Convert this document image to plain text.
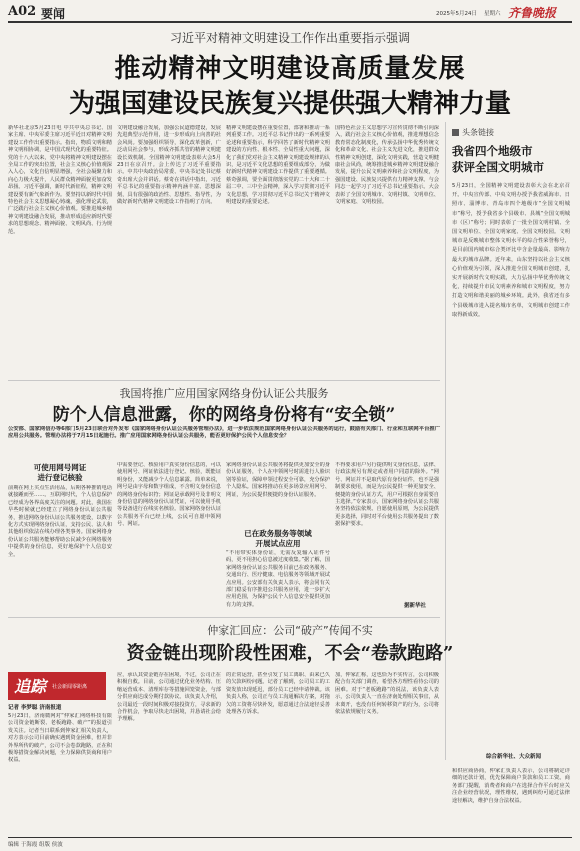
A02 要闻	2025年5月24日 星期六 齐鲁晚报
习近平对精神文明建设工作作出重要指示强调
推动精神文明建设高质量发展
为强国建设民族复兴提供强大精神力量
新华社北京5月23日电 中共中央总书记、国家主席、中央军委主席习近平近日对精神文明建设工作作出重要指示。指出，物质文明和精神文明相协调，是中国式现代化的重要特征。党的十八大以来，党中央将精神文明建设摆在全局工作的突出位置，社会主义核心价值观深入人心，文化自信明显增强，全社会凝聚力和向心力极大提升，人民群众精神面貌更加奋发昂扬。习近平强调，新时代新征程，精神文明建设要有新气象新作为。要坚持以新时代中国特色社会主义思想凝心铸魂，强化理论武装，广泛践行社会主义核心价值观。要推进城乡精神文明建设融合发展，推动形成适应新时代要求的思想观念、精神面貌、文明风尚、行为规范。
文明建设融合发展，加强公民道德建设，发展先进典型示范作用，进一步形成向上向善的社会风尚。要加强组织领导，深化改革创新，广泛动员社会参与，形成齐抓共管的精神文明建设长效机制。全国精神文明建设表彰大会5月23日在京召开。会上传达了习近平重要指示。中共中央政治局常委、中央书记处书记蔡奇出席大会并讲话。蔡奇在讲话中指出，习近平总书记的重要指示精神内涵丰富、思想深刻，具有很强的政治性、思想性、指导性，为做好新时代精神文明建设工作指明了方向。
精神文明建设摆在重要位置，部署和推动一系列重要工作。习近平总书记作出的一系列重要论述和重要指示，科学回答了新时代精神文明建设的方向性、根本性、全局性重大问题，深化了我们党对社会主义精神文明建设规律的认识，是习近平文化思想的重要组成部分，为做好新时代精神文明建设工作提供了重要遵循。蔡奇强调，要全面贯彻落实党的二十大和二十届二中、三中全会精神，深入学习贯彻习近平文化思想，学习贯彻习近平总书记关于精神文明建设的重要论述。
国特色社会主义思想学习宣传贯彻不断引向深入，践行社会主义核心价值观，推进理想信念教育常态化制度化，传承弘扬中华优秀传统文化和革命文化、社会主义先进文化，推进群众性精神文明创建，深化文明实践，营造文明健康社会风尚，统筹推进城乡精神文明建设融合发展，提升公民文明素养和社会文明程度，为强国建设、民族复兴提供有力精神支撑。与会同志一起学习了习近平总书记重要指示。大会表彰了全国文明城市、文明村镇、文明单位、文明家庭、文明校园。
头条链接
我省四个地级市
获评全国文明城市
5月23日，全国精神文明建设表彰大会在北京召开。中央宣传部、中央文明办授予我省威海市、日照市、淄博市、青岛市四个地级市“全国文明城市”称号，授予我省多个县级市、县城“全国文明城市（区）”称号；同时表彰了一批全国文明村镇、全国文明单位、全国文明家庭、全国文明校园。文明城市是反映城市整体文明水平的综合性荣誉称号，是目前国内城市综合类评比中含金量最高、影响力最大的城市品牌。近年来，山东坚持以社会主义核心价值观为引领，深入推进全国文明城市创建，扎实开展新时代文明实践，大力弘扬中华优秀传统文化，持续提升市民文明素养和城市文明程度，努力打造文明和谐美丽的城乡环境。此外，我省还有多个县级城市进入提名城市名单，文明城市创建工作取得新成效。
综合新华社、大众新闻
我国将推广应用国家网络身份认证公共服务
防个人信息泄露，你的网络身份将有“安全锁”
公安部、国家网信办等6部门5月23日联合对外发布《国家网络身份认证公共服务管理办法》，进一步依法规范国家网络身份认证公共服务的运行，鼓励有关部门、行业和互联网平台推广应用公共服务。管理办法将于7月15日起施行。推广应用国家网络身份认证公共服务，能否更好保护公民个人信息安全？
可使用网号网证
进行登记核验
前期在网上买点生活用品，后期各种推销电话就接踵而至……。互联网时代，个人信息保护已经成为各界高度关注的问题。对此，我国在早些时候就已经建立了网络身份认证公共服务，推进网络身份认证公共服务建设，以数字化方式实现网络身份认证，支持公民、法人和其他组织依法在线办理各类事务。国家网络身份认证公共服务能够帮助公民减少在网络服务中提供的身份信息，更好地保护个人信息安全。
中需要登记、核验用户真实身份信息的，可以使用网号、网证依法进行登记、核验，既能证明身份，又能减少个人信息暴露。简单来说，网号是由字母和数字组成，不含明文身份信息的网络身份标识符；网证是承载网号及非明文身份信息的网络身份认证凭证，可以使用手机等设备进行在线实名核验。国家网络身份认证公共服务平台已经上线，公民可自愿申领网号、网证。
家网络身份认证公共服务将提供更加安全的身份认证服务，个人在申领网号时需进行人脸识别等验证，保障申领过程安全可靠，充分保护个人隐私。国家将推动在更多场景应用网号、网证，为公民提供便捷的身份认证服务。
已在政务服务等领域
开展试点应用
“不用带实体身份证，无需反复输入证件号码，更不用担心信息被过度收集。”据了解，国家网络身份认证公共服务目前已在政务服务、交通出行、医疗健康、电信服务等领域开展试点应用。公安部有关负责人表示，将会同有关部门稳妥有序推进公共服务应用，进一步扩大应用范围，为保护公民个人信息安全提供更加有力的支撑。
不得要求用户另行提供明文身份信息，法律、行政法规另有规定或者用户同意的除外。“网号、网证并不是取代原有身份证件，也不是强制要求使用，而是为公民提供一种更加安全、便捷的身份认证方式，用户可根据自身需要自主选择。”专家表示，国家网络身份认证公共服务坚持依法依规、自愿使用原则，为公民提供更多选择，同时对平台使用公共服务提出了数据保护要求。
据新华社
仲家汇回应：公司“破产”传闻不实
资金链出现阶段性困难，不会“卷款跑路”
追踪 社会新闻零距离
记者 李梦聪 济南报道
5月23日，济南微网对“仲家汇网络科技有限公司资金链断裂、老板跑路、破产”的报道引发关注。记者当日联系到仲家汇相关负责人，对方表示公司目前确实遇到资金困难，但并非外界所传的破产，公司不会卷款跑路，正在积极筹措资金解决问题，全力保障供货商和用户权益。
应，承认其资金链存在困境，不过，公司正在积极自救。目前，公司通过优化业务结构、压缩运营成本、清理库存等措施回笼资金，与部分供应商达成分期付款协议。该负责人介绍，公司最近一段时间积极对接投资方，寻求新的合作机会，争取尽快走出困境，并恳请社会给予理解。
的正常运营，甚至引发了员工离职、由来已久的欠款纠纷问题。记者了解到，公司员工的工资发放出现延迟，部分员工已经申请仲裁。该负责人称，公司正与员工沟通解决方案，对拖欠的工资将尽快补发，愿意通过合法途径妥善处理各方诉求。
加，仲家汇称，这也恰为不实传言，公司积极配合有关部门调查，希望各方理性看待公司的困难。对于“老板跑路”的说法，该负责人表示，公司负责人一直在济南处理相关事宜，从未离开，也没有任何转移资产的行为，公司将依法依规履行义务。
和供应商协商，仲家汇负责人表示，公司将制定详细的还款计划，优先保障商户货款和员工工资。商务部门提醒，消费者和商户在选择合作平台时应关注企业经营状况，理性维权，遇到纠纷可通过法律途径解决，维护自身合法权益。
编辑 于海霞 组版 侯波
